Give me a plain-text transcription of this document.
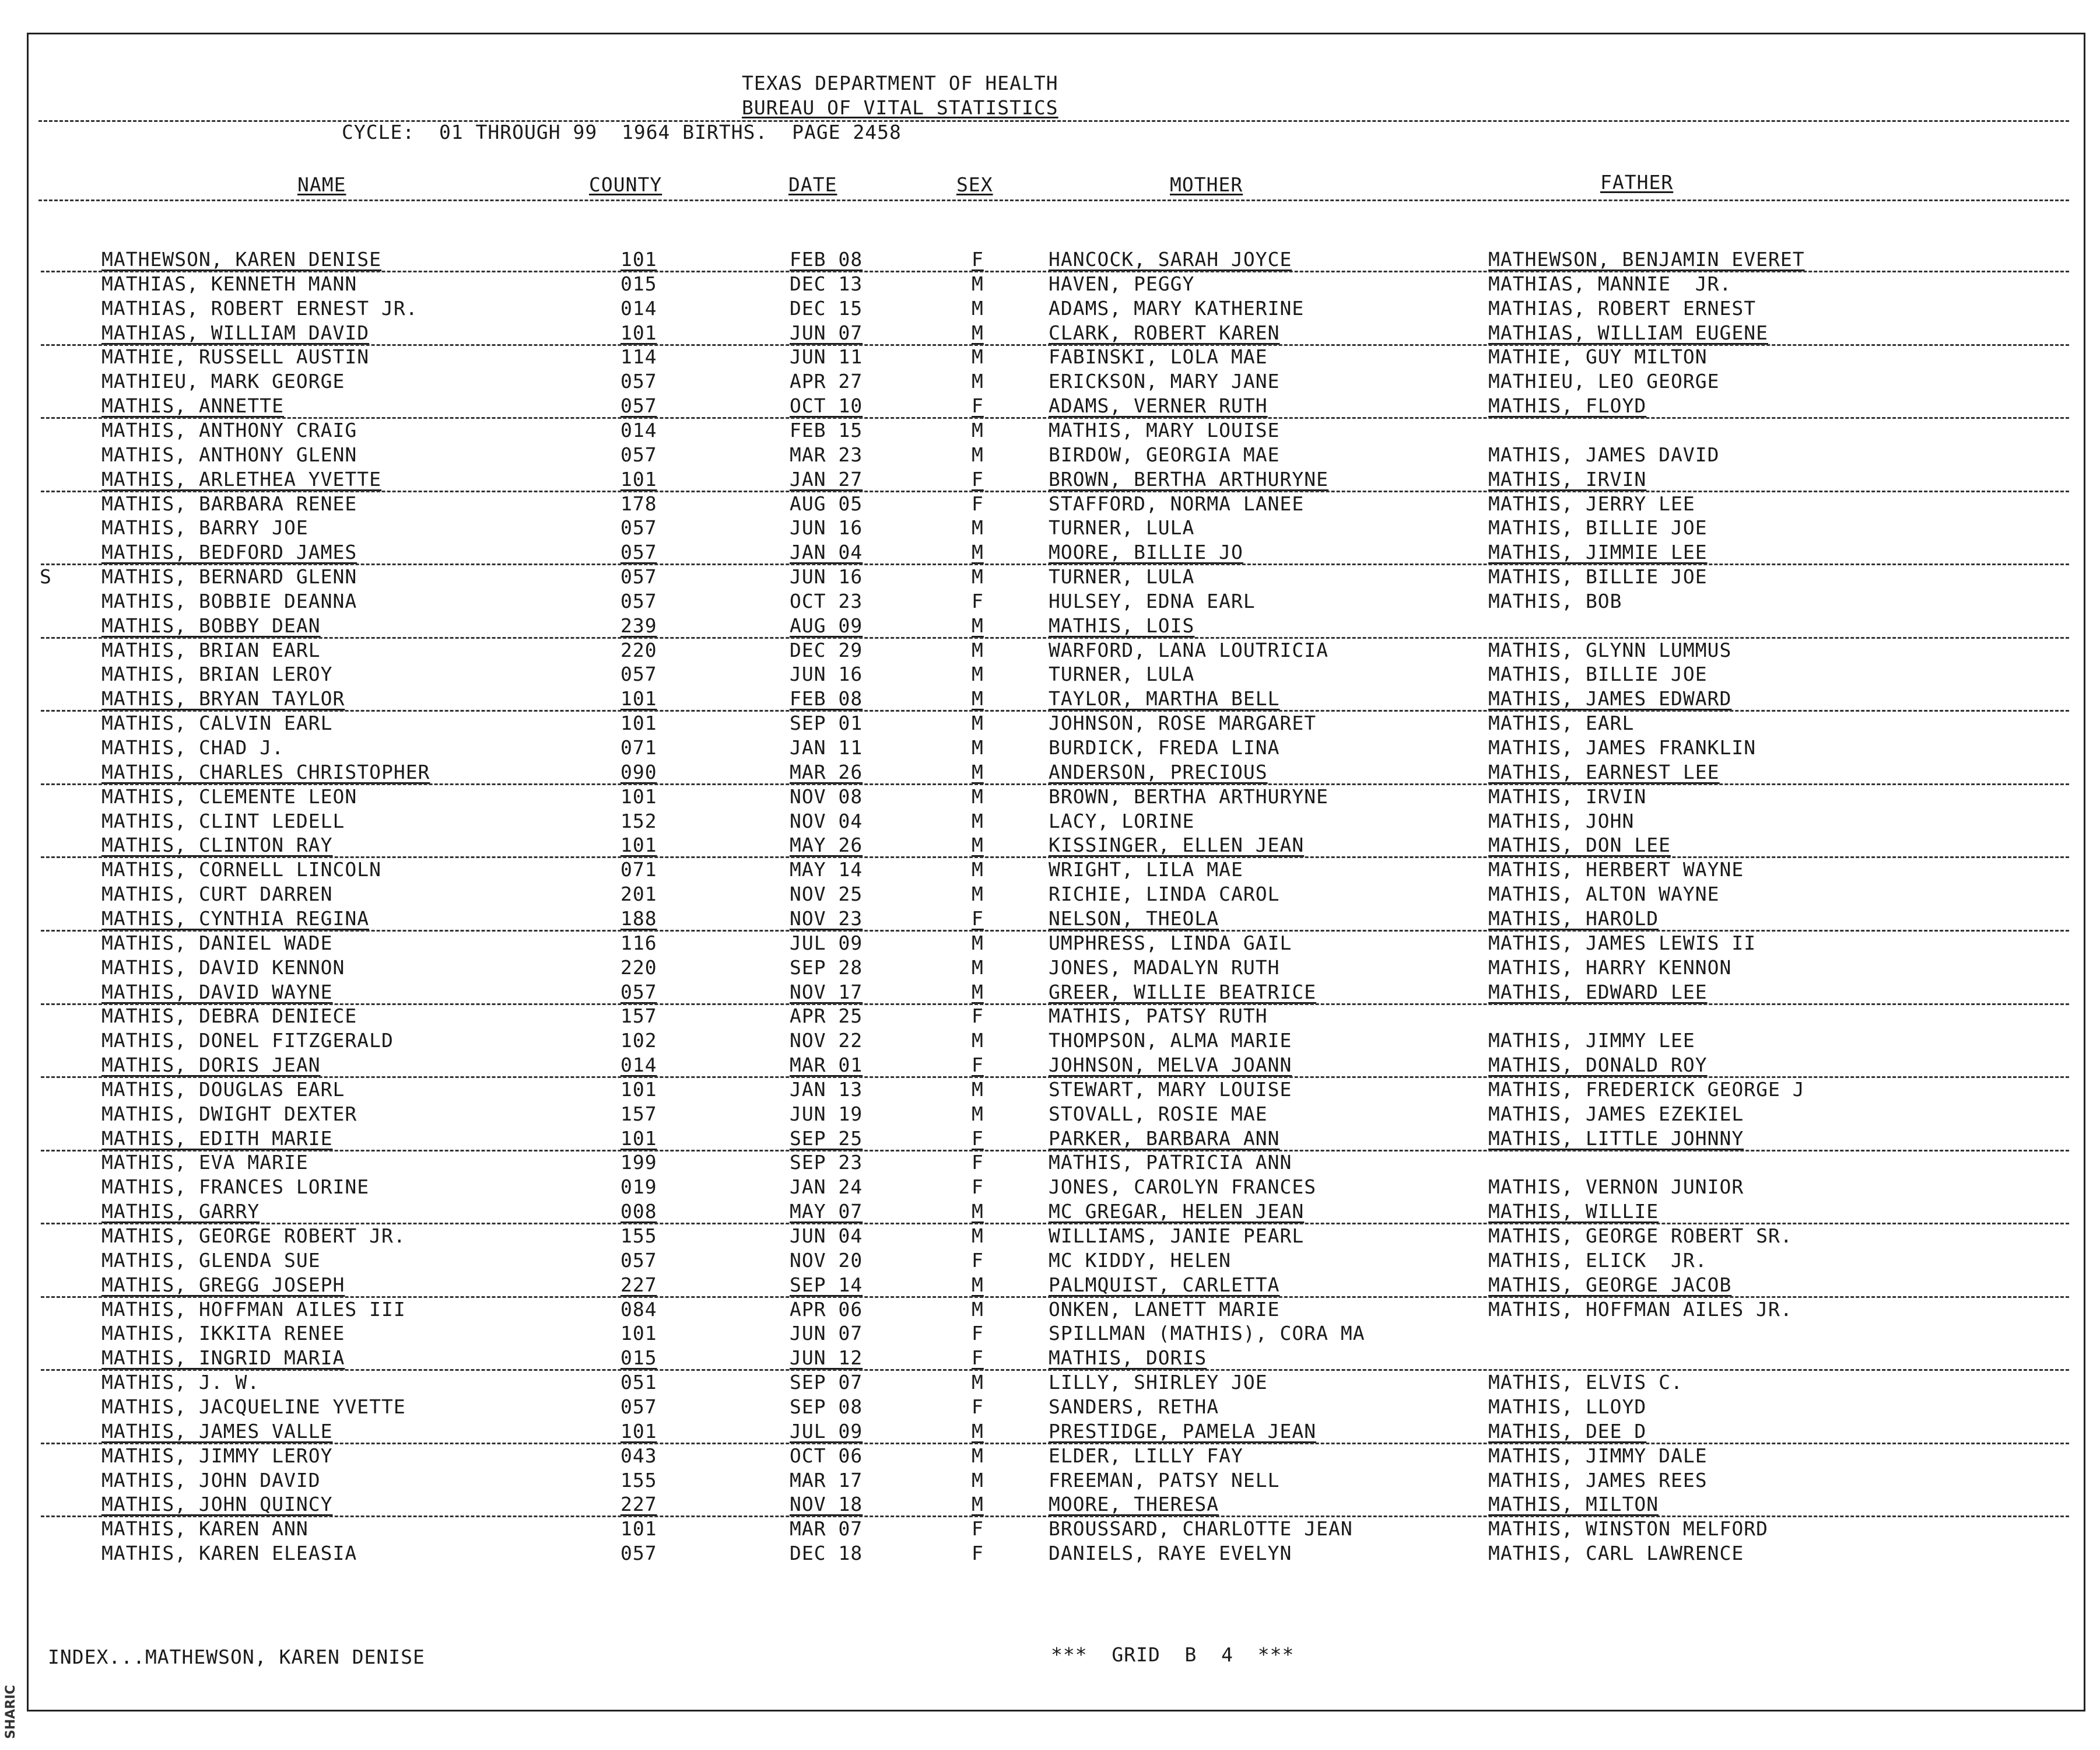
TEXAS DEPARTMENT OF HEALTH
BUREAU OF VITAL STATISTICS
CYCLE:  01 THROUGH 99  1964 BIRTHS.  PAGE 2458
NAME	COUNTY	DATE	SEX	MOTHER	FATHER
MATHEWSON, KAREN DENISE	101	FEB 08	F	HANCOCK, SARAH JOYCE	MATHEWSON, BENJAMIN EVERET
MATHIAS, KENNETH MANN	015	DEC 13	M	HAVEN, PEGGY	MATHIAS, MANNIE  JR.
MATHIAS, ROBERT ERNEST JR.	014	DEC 15	M	ADAMS, MARY KATHERINE	MATHIAS, ROBERT ERNEST
MATHIAS, WILLIAM DAVID	101	JUN 07	M	CLARK, ROBERT KAREN	MATHIAS, WILLIAM EUGENE
MATHIE, RUSSELL AUSTIN	114	JUN 11	M	FABINSKI, LOLA MAE	MATHIE, GUY MILTON
MATHIEU, MARK GEORGE	057	APR 27	M	ERICKSON, MARY JANE	MATHIEU, LEO GEORGE
MATHIS, ANNETTE	057	OCT 10	F	ADAMS, VERNER RUTH	MATHIS, FLOYD
MATHIS, ANTHONY CRAIG	014	FEB 15	M	MATHIS, MARY LOUISE
MATHIS, ANTHONY GLENN	057	MAR 23	M	BIRDOW, GEORGIA MAE	MATHIS, JAMES DAVID
MATHIS, ARLETHEA YVETTE	101	JAN 27	F	BROWN, BERTHA ARTHURYNE	MATHIS, IRVIN
MATHIS, BARBARA RENEE	178	AUG 05	F	STAFFORD, NORMA LANEE	MATHIS, JERRY LEE
MATHIS, BARRY JOE	057	JUN 16	M	TURNER, LULA	MATHIS, BILLIE JOE
MATHIS, BEDFORD JAMES	057	JAN 04	M	MOORE, BILLIE JO	MATHIS, JIMMIE LEE
S	MATHIS, BERNARD GLENN	057	JUN 16	M	TURNER, LULA	MATHIS, BILLIE JOE
MATHIS, BOBBIE DEANNA	057	OCT 23	F	HULSEY, EDNA EARL	MATHIS, BOB
MATHIS, BOBBY DEAN	239	AUG 09	M	MATHIS, LOIS
MATHIS, BRIAN EARL	220	DEC 29	M	WARFORD, LANA LOUTRICIA	MATHIS, GLYNN LUMMUS
MATHIS, BRIAN LEROY	057	JUN 16	M	TURNER, LULA	MATHIS, BILLIE JOE
MATHIS, BRYAN TAYLOR	101	FEB 08	M	TAYLOR, MARTHA BELL	MATHIS, JAMES EDWARD
MATHIS, CALVIN EARL	101	SEP 01	M	JOHNSON, ROSE MARGARET	MATHIS, EARL
MATHIS, CHAD J.	071	JAN 11	M	BURDICK, FREDA LINA	MATHIS, JAMES FRANKLIN
MATHIS, CHARLES CHRISTOPHER	090	MAR 26	M	ANDERSON, PRECIOUS	MATHIS, EARNEST LEE
MATHIS, CLEMENTE LEON	101	NOV 08	M	BROWN, BERTHA ARTHURYNE	MATHIS, IRVIN
MATHIS, CLINT LEDELL	152	NOV 04	M	LACY, LORINE	MATHIS, JOHN
MATHIS, CLINTON RAY	101	MAY 26	M	KISSINGER, ELLEN JEAN	MATHIS, DON LEE
MATHIS, CORNELL LINCOLN	071	MAY 14	M	WRIGHT, LILA MAE	MATHIS, HERBERT WAYNE
MATHIS, CURT DARREN	201	NOV 25	M	RICHIE, LINDA CAROL	MATHIS, ALTON WAYNE
MATHIS, CYNTHIA REGINA	188	NOV 23	F	NELSON, THEOLA	MATHIS, HAROLD
MATHIS, DANIEL WADE	116	JUL 09	M	UMPHRESS, LINDA GAIL	MATHIS, JAMES LEWIS II
MATHIS, DAVID KENNON	220	SEP 28	M	JONES, MADALYN RUTH	MATHIS, HARRY KENNON
MATHIS, DAVID WAYNE	057	NOV 17	M	GREER, WILLIE BEATRICE	MATHIS, EDWARD LEE
MATHIS, DEBRA DENIECE	157	APR 25	F	MATHIS, PATSY RUTH
MATHIS, DONEL FITZGERALD	102	NOV 22	M	THOMPSON, ALMA MARIE	MATHIS, JIMMY LEE
MATHIS, DORIS JEAN	014	MAR 01	F	JOHNSON, MELVA JOANN	MATHIS, DONALD ROY
MATHIS, DOUGLAS EARL	101	JAN 13	M	STEWART, MARY LOUISE	MATHIS, FREDERICK GEORGE J
MATHIS, DWIGHT DEXTER	157	JUN 19	M	STOVALL, ROSIE MAE	MATHIS, JAMES EZEKIEL
MATHIS, EDITH MARIE	101	SEP 25	F	PARKER, BARBARA ANN	MATHIS, LITTLE JOHNNY
MATHIS, EVA MARIE	199	SEP 23	F	MATHIS, PATRICIA ANN
MATHIS, FRANCES LORINE	019	JAN 24	F	JONES, CAROLYN FRANCES	MATHIS, VERNON JUNIOR
MATHIS, GARRY	008	MAY 07	M	MC GREGAR, HELEN JEAN	MATHIS, WILLIE
MATHIS, GEORGE ROBERT JR.	155	JUN 04	M	WILLIAMS, JANIE PEARL	MATHIS, GEORGE ROBERT SR.
MATHIS, GLENDA SUE	057	NOV 20	F	MC KIDDY, HELEN	MATHIS, ELICK  JR.
MATHIS, GREGG JOSEPH	227	SEP 14	M	PALMQUIST, CARLETTA	MATHIS, GEORGE JACOB
MATHIS, HOFFMAN AILES III	084	APR 06	M	ONKEN, LANETT MARIE	MATHIS, HOFFMAN AILES JR.
MATHIS, IKKITA RENEE	101	JUN 07	F	SPILLMAN (MATHIS), CORA MA
MATHIS, INGRID MARIA	015	JUN 12	F	MATHIS, DORIS
MATHIS, J. W.	051	SEP 07	M	LILLY, SHIRLEY JOE	MATHIS, ELVIS C.
MATHIS, JACQUELINE YVETTE	057	SEP 08	F	SANDERS, RETHA	MATHIS, LLOYD
MATHIS, JAMES VALLE	101	JUL 09	M	PRESTIDGE, PAMELA JEAN	MATHIS, DEE D
MATHIS, JIMMY LEROY	043	OCT 06	M	ELDER, LILLY FAY	MATHIS, JIMMY DALE
MATHIS, JOHN DAVID	155	MAR 17	M	FREEMAN, PATSY NELL	MATHIS, JAMES REES
MATHIS, JOHN QUINCY	227	NOV 18	M	MOORE, THERESA	MATHIS, MILTON
MATHIS, KAREN ANN	101	MAR 07	F	BROUSSARD, CHARLOTTE JEAN	MATHIS, WINSTON MELFORD
MATHIS, KAREN ELEASIA	057	DEC 18	F	DANIELS, RAYE EVELYN	MATHIS, CARL LAWRENCE
INDEX...MATHEWSON, KAREN DENISE	***  GRID  B  4  ***
SHARIC
